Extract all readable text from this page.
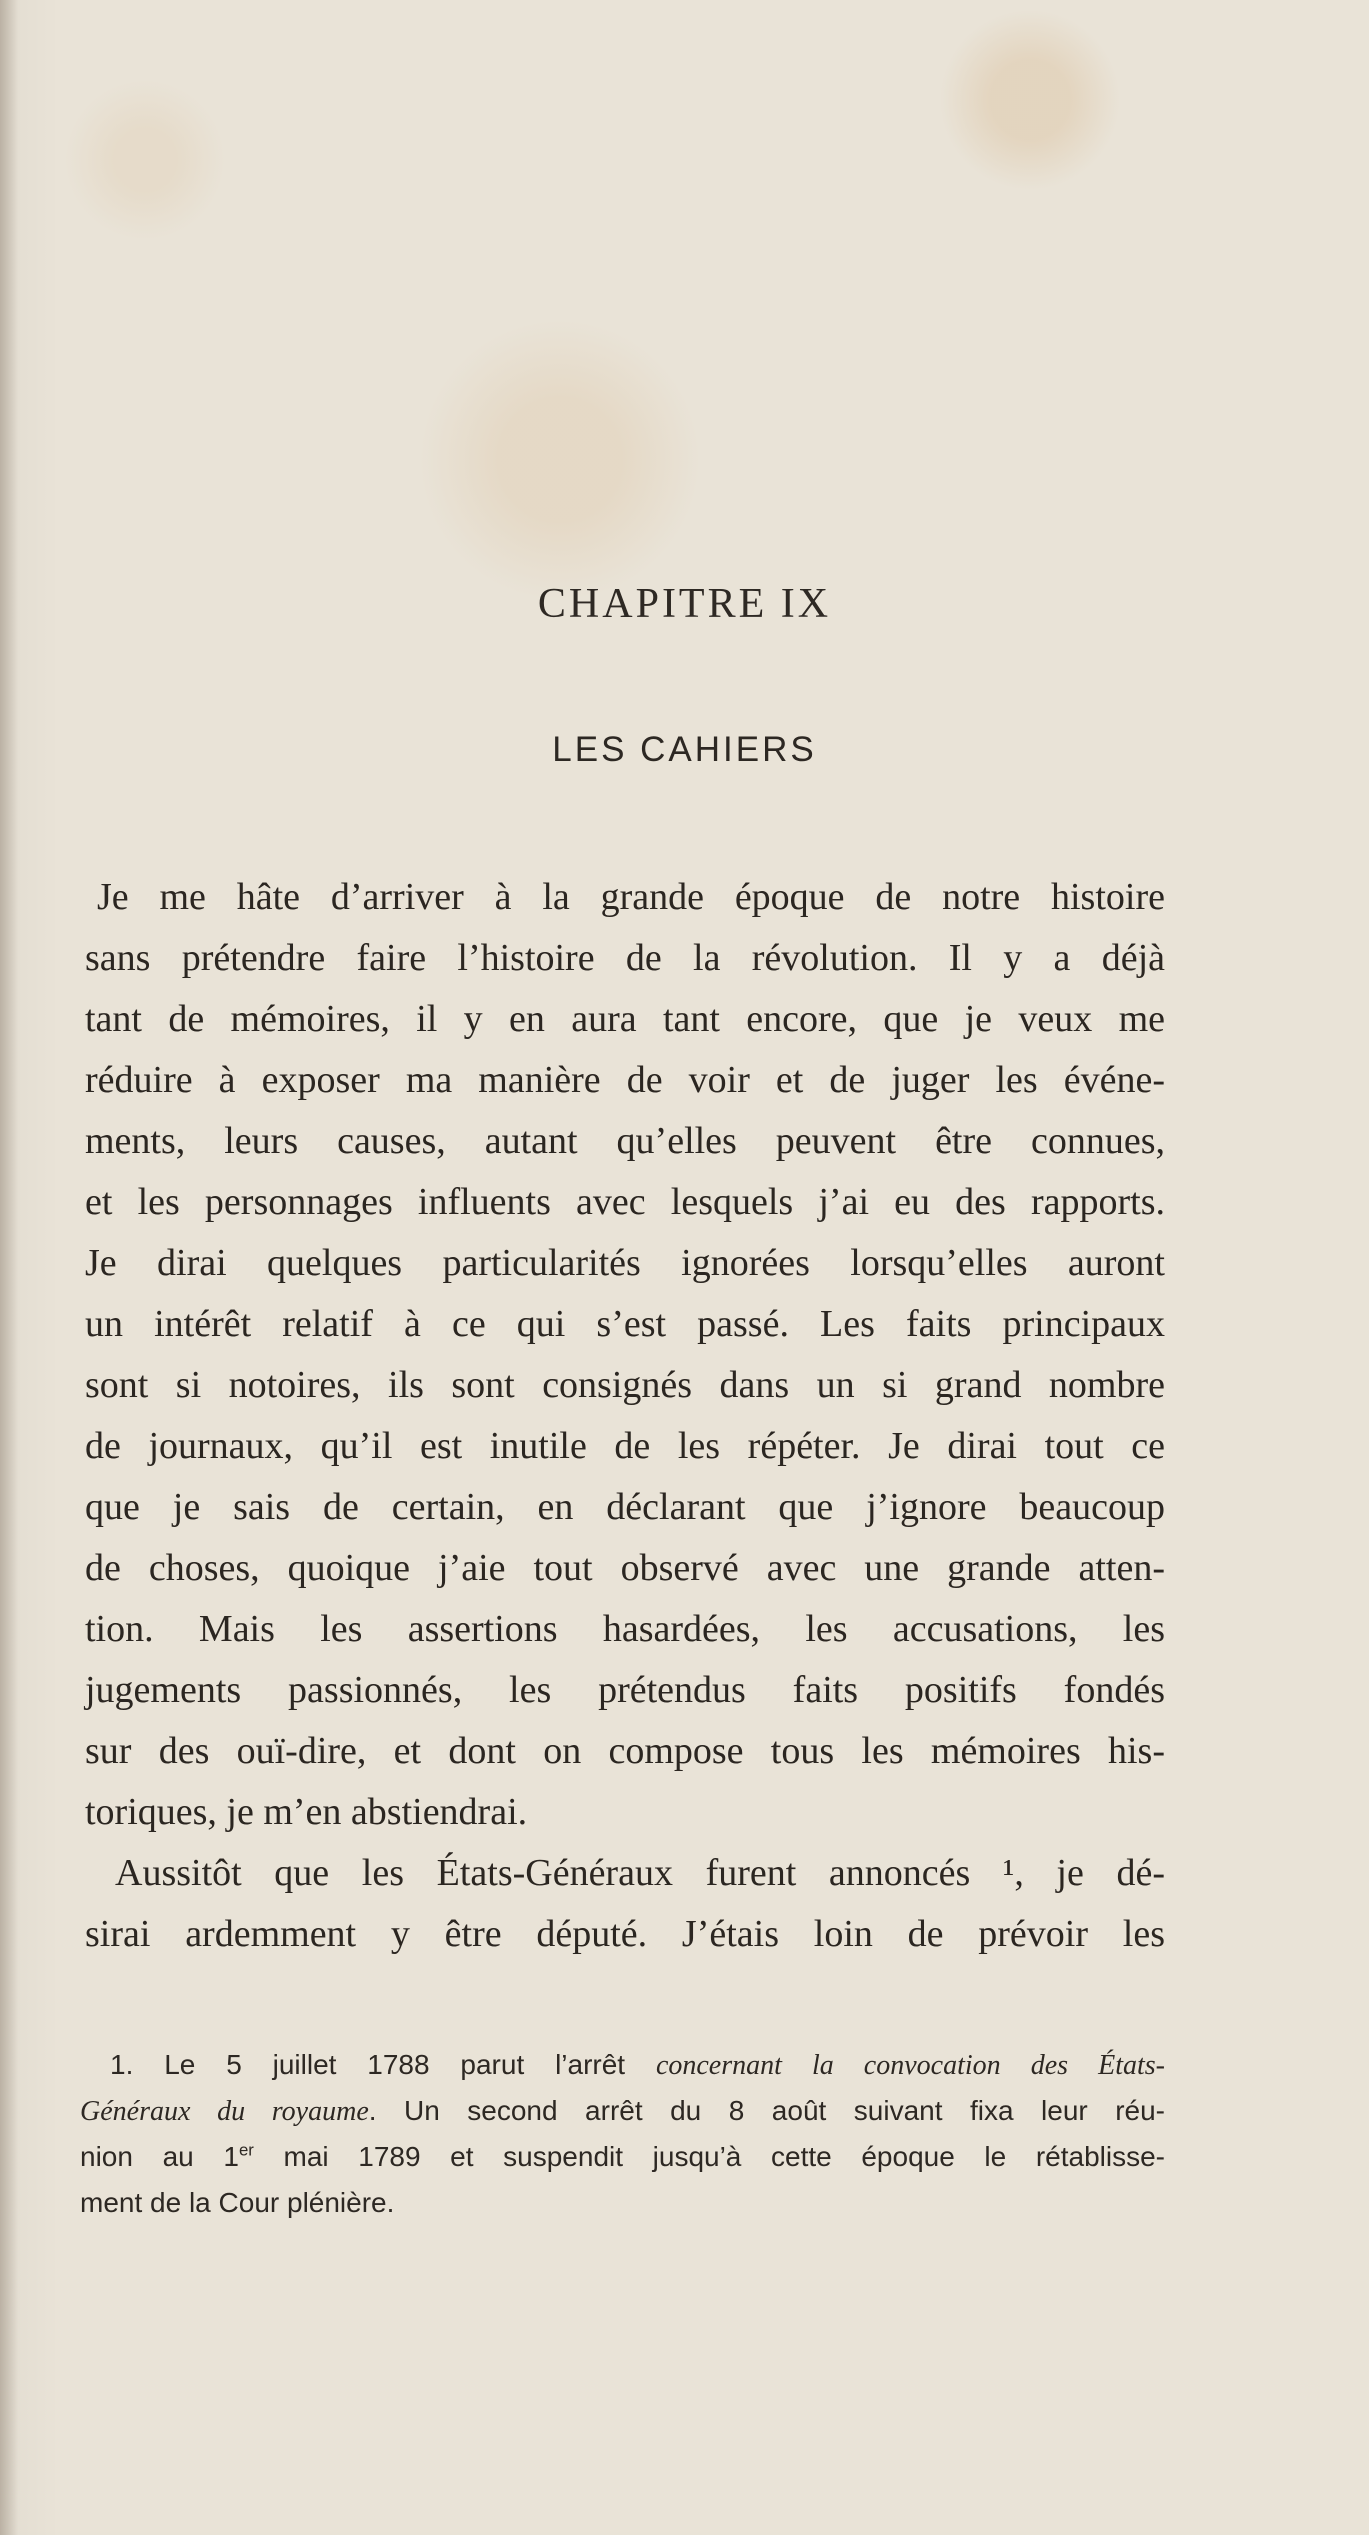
CHAPITRE IX
LES CAHIERS
Je me hâte d’arriver à la grande époque de notre histoire
sans prétendre faire l’histoire de la révolution. Il y a déjà
tant de mémoires, il y en aura tant encore, que je veux me
réduire à exposer ma manière de voir et de juger les événe-
ments, leurs causes, autant qu’elles peuvent être connues,
et les personnages influents avec lesquels j’ai eu des rapports.
Je dirai quelques particularités ignorées lorsqu’elles auront
un intérêt relatif à ce qui s’est passé. Les faits principaux
sont si notoires, ils sont consignés dans un si grand nombre
de journaux, qu’il est inutile de les répéter. Je dirai tout ce
que je sais de certain, en déclarant que j’ignore beaucoup
de choses, quoique j’aie tout observé avec une grande atten-
tion. Mais les assertions hasardées, les accusations, les
jugements passionnés, les prétendus faits positifs fondés
sur des ouï-dire, et dont on compose tous les mémoires his-
toriques, je m’en abstiendrai.
Aussitôt que les États-Généraux furent annoncés ¹, je dé-
sirai ardemment y être député. J’étais loin de prévoir les
1. Le 5 juillet 1788 parut l’arrêt concernant la convocation des États-
Généraux du royaume. Un second arrêt du 8 août suivant fixa leur réu-
nion au 1er mai 1789 et suspendit jusqu’à cette époque le rétablisse-
ment de la Cour plénière.
